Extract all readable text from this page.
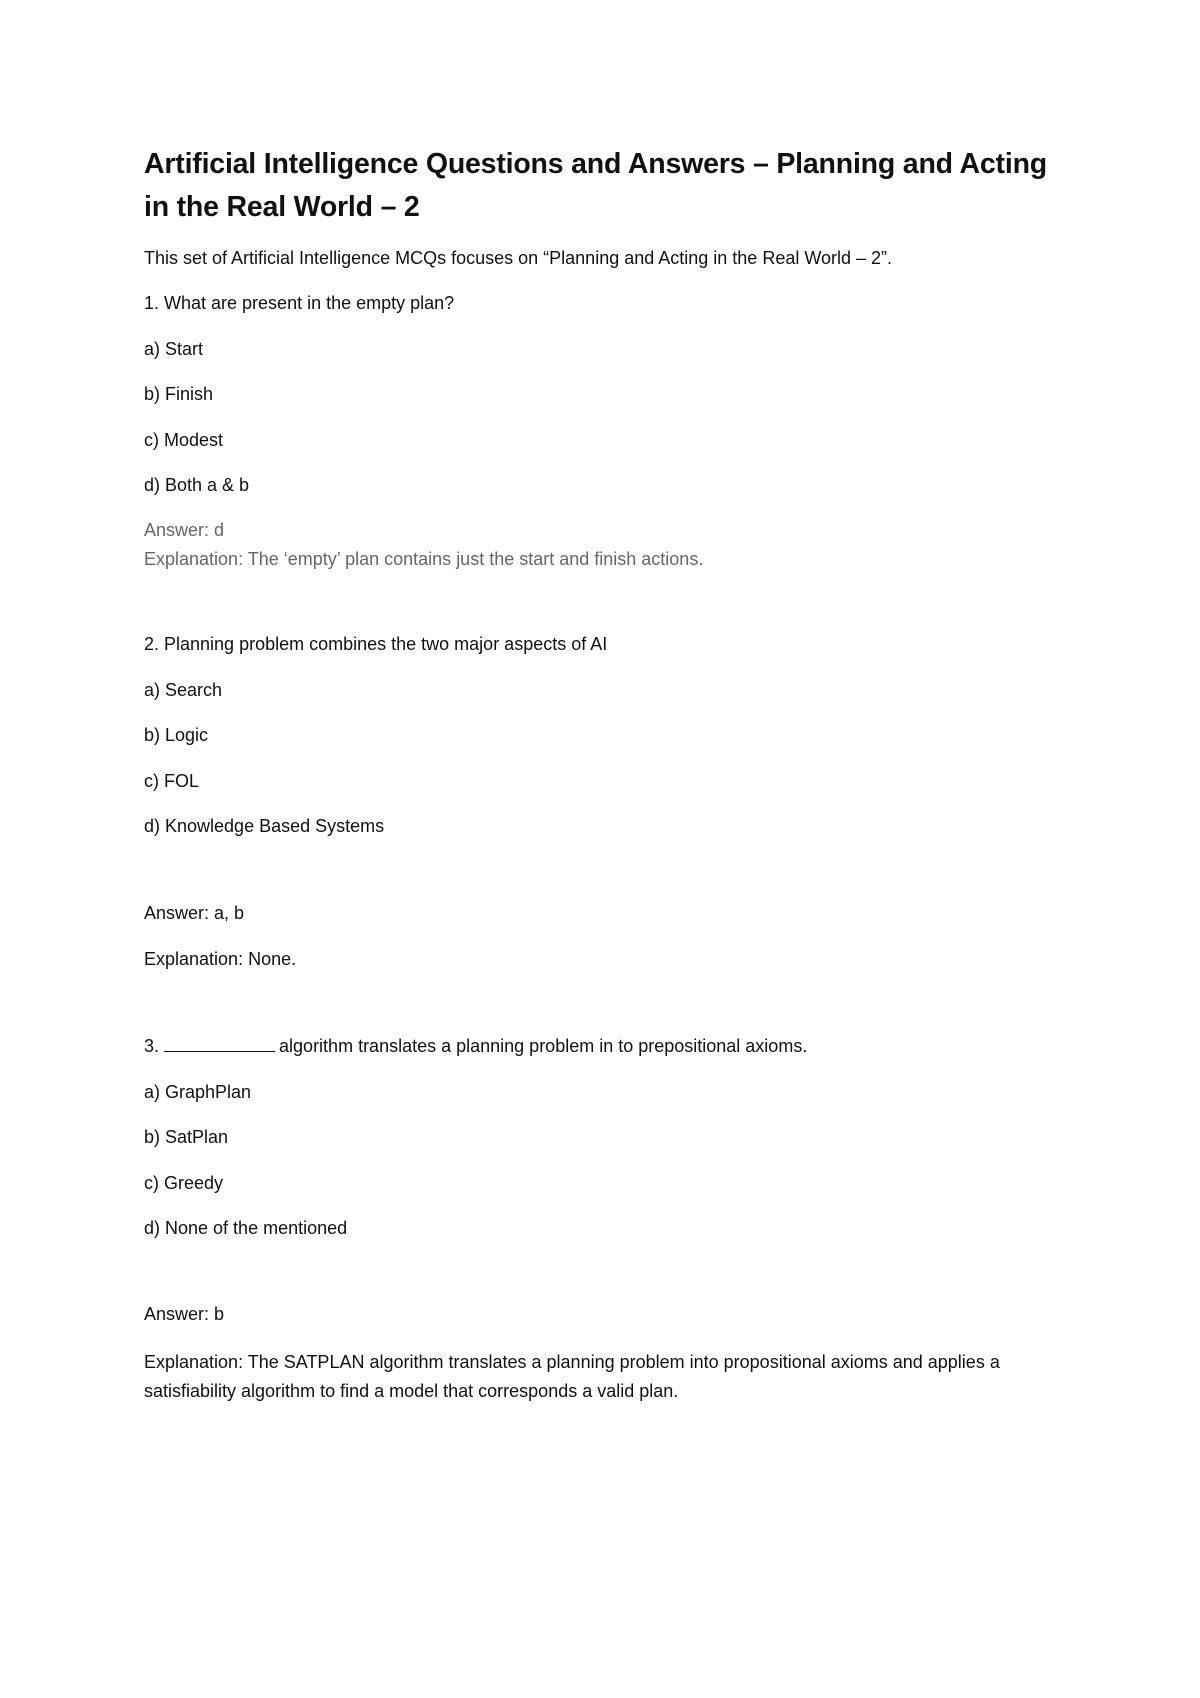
Artificial Intelligence Questions and Answers – Planning and Acting in the Real World – 2

This set of Artificial Intelligence MCQs focuses on “Planning and Acting in the Real World – 2”.

1. What are present in the empty plan?

a) Start

b) Finish

c) Modest

d) Both a & b

Answer: d

Explanation: The ‘empty’ plan contains just the start and finish actions.

2. Planning problem combines the two major aspects of AI

a) Search

b) Logic

c) FOL

d) Knowledge Based Systems

Answer: a, b

Explanation: None.

3.	algorithm translates a planning problem in to prepositional axioms.

a) GraphPlan

b) SatPlan

c) Greedy

d) None of the mentioned

Answer: b

Explanation: The SATPLAN algorithm translates a planning problem into propositional axioms and applies a satisfiability algorithm to find a model that corresponds a valid plan.
